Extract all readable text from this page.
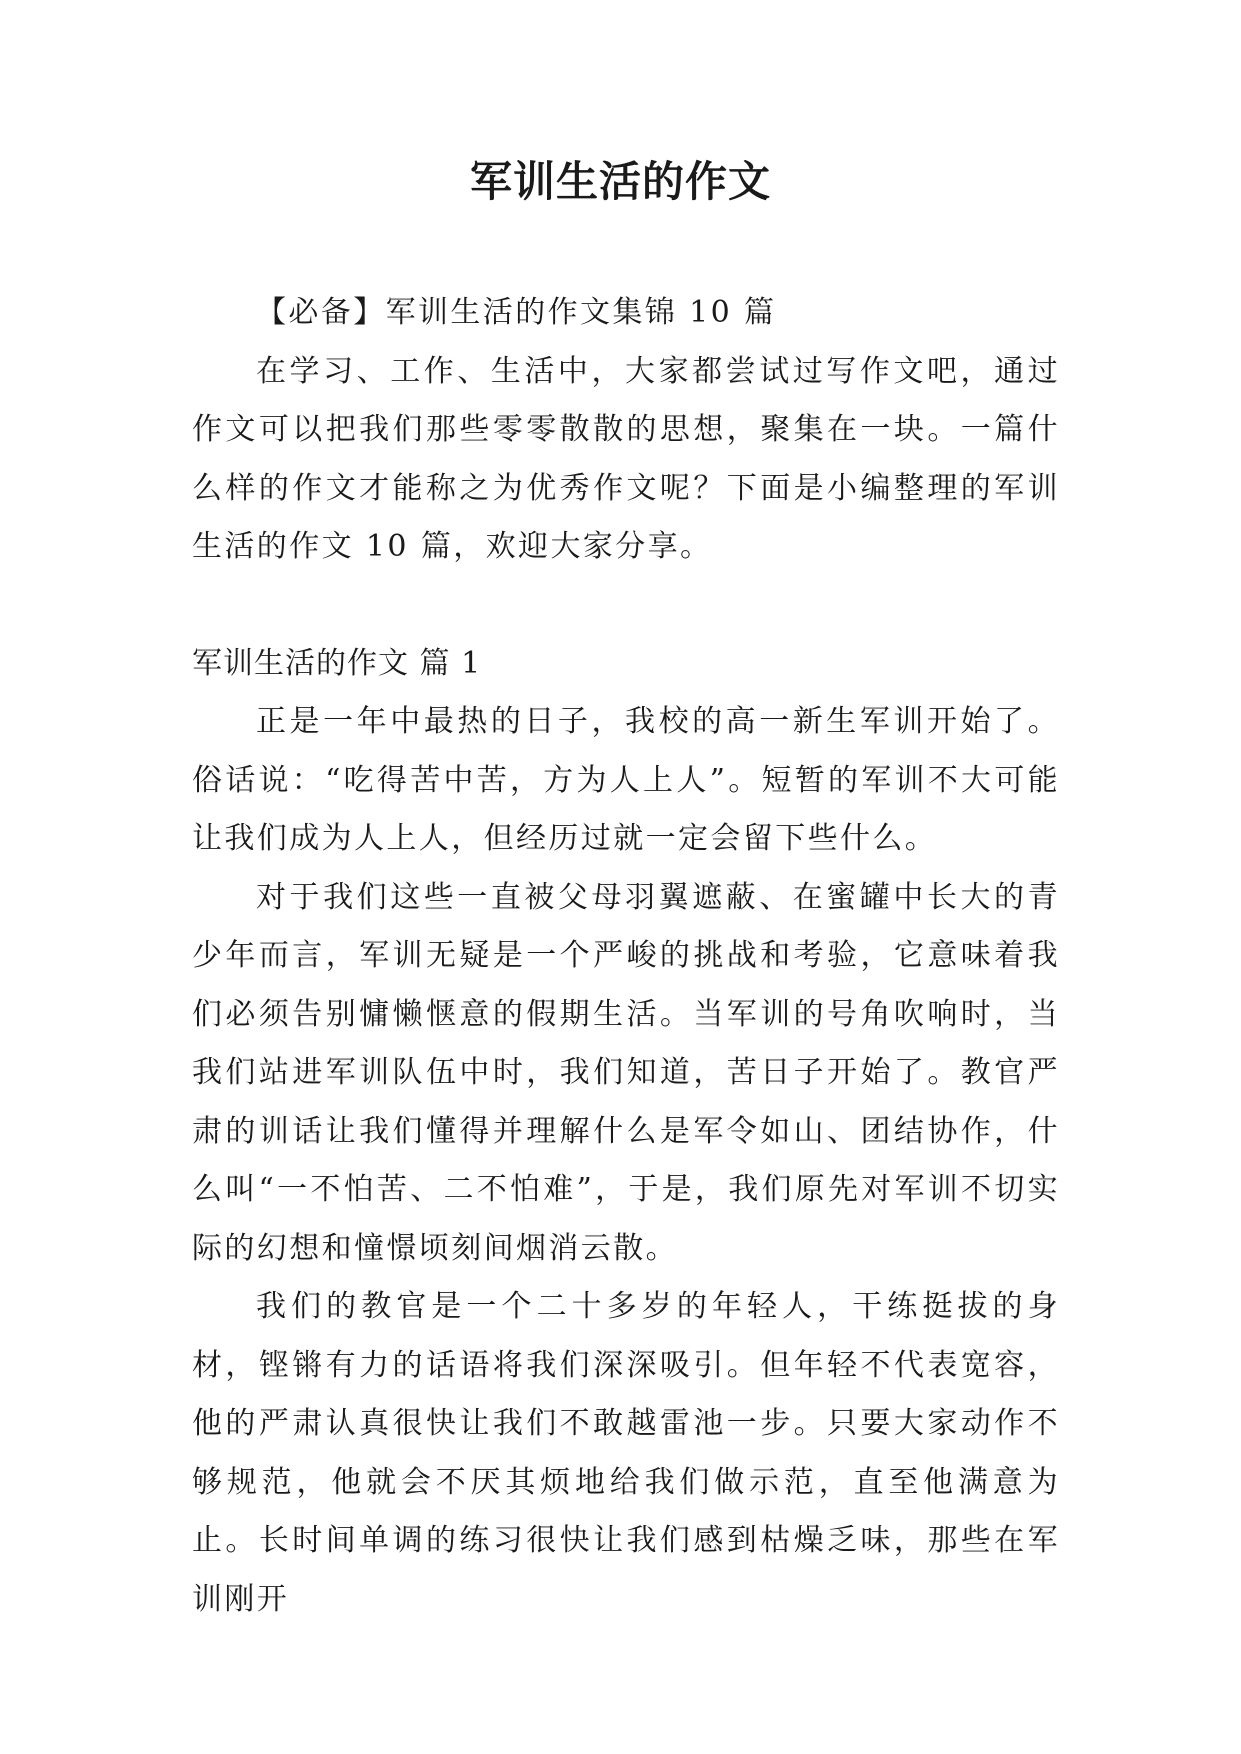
军训生活的作文

【必备】军训生活的作文集锦 10 篇

在学习、工作、生活中，大家都尝试过写作文吧，通过作文可以把我们那些零零散散的思想，聚集在一块。一篇什么样的作文才能称之为优秀作文呢？下面是小编整理的军训生活的作文 10 篇，欢迎大家分享。

军训生活的作文 篇 1

正是一年中最热的日子，我校的高一新生军训开始了。俗话说：“吃得苦中苦，方为人上人”。短暂的军训不大可能让我们成为人上人，但经历过就一定会留下些什么。

对于我们这些一直被父母羽翼遮蔽、在蜜罐中长大的青少年而言，军训无疑是一个严峻的挑战和考验，它意味着我们必须告别慵懒惬意的假期生活。当军训的号角吹响时，当我们站进军训队伍中时，我们知道，苦日子开始了。教官严肃的训话让我们懂得并理解什么是军令如山、团结协作，什么叫“一不怕苦、二不怕难”，于是，我们原先对军训不切实际的幻想和憧憬顷刻间烟消云散。

我们的教官是一个二十多岁的年轻人，干练挺拔的身材，铿锵有力的话语将我们深深吸引。但年轻不代表宽容，他的严肃认真很快让我们不敢越雷池一步。只要大家动作不够规范，他就会不厌其烦地给我们做示范，直至他满意为止。长时间单调的练习很快让我们感到枯燥乏味，那些在军训刚开
